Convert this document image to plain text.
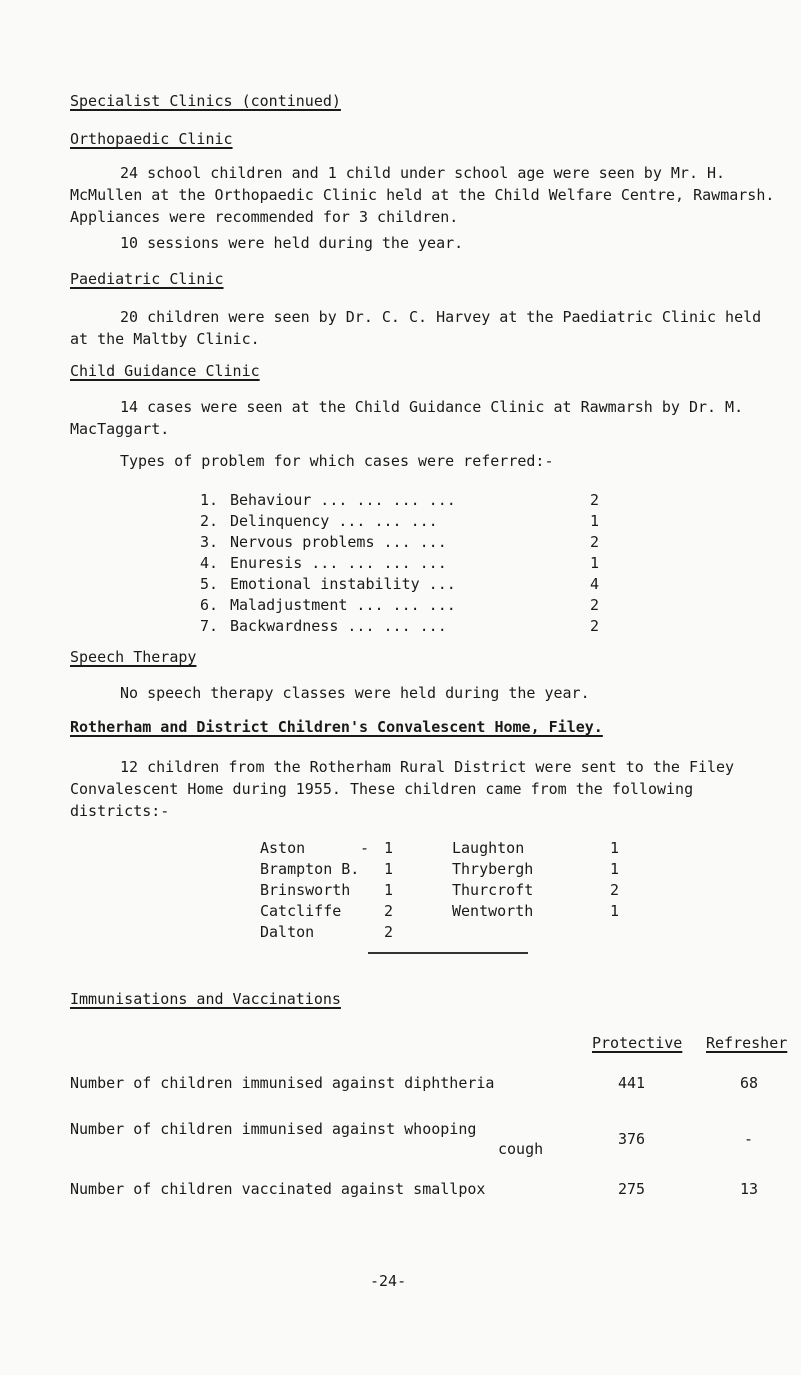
Specialist Clinics (continued)
Orthopaedic Clinic
24 school children and 1 child under school age were seen by Mr. H. McMullen at the Orthopaedic Clinic held at the Child Welfare Centre, Rawmarsh. Appliances were recommended for 3 children.
10 sessions were held during the year.
Paediatric Clinic
20 children were seen by Dr. C. C. Harvey at the Paediatric Clinic held at the Maltby Clinic.
Child Guidance Clinic
14 cases were seen at the Child Guidance Clinic at Rawmarsh by Dr. M. MacTaggart.
Types of problem for which cases were referred:-
1.	Behaviour ... ... ... ...	2
2.	Delinquency ... ... ...	1
3.	Nervous problems ... ...	2
4.	Enuresis ... ... ... ...	1
5.	Emotional instability ...	4
6.	Maladjustment ... ... ...	2
7.	Backwardness ... ... ...	2
Speech Therapy
No speech therapy classes were held during the year.
Rotherham and District Children's Convalescent Home, Filey.
12 children from the Rotherham Rural District were sent to the Filey Convalescent Home during 1955. These children came from the following districts:-
Aston	-	1
Brampton B.		1
Brinsworth		1
Catcliffe		2
Dalton		2
Laughton	1
Thrybergh	1
Thurcroft	2
Wentworth	1
Immunisations and Vaccinations
Protective Refresher
Number of children immunised against diphtheria	441	68
Number of children immunised against whooping
cough
376	-
Number of children vaccinated against smallpox	275	13
-24-
